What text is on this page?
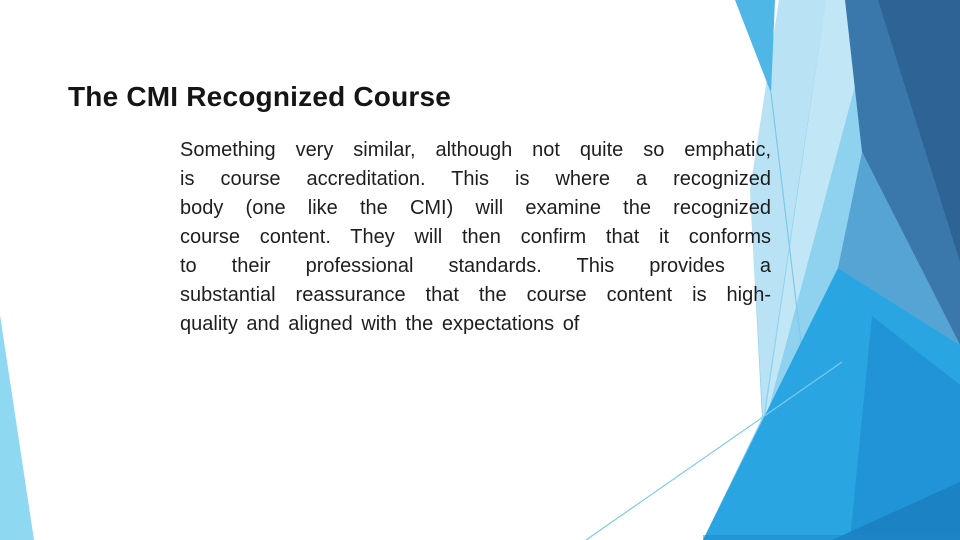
The CMI Recognized Course
Something very similar, although not quite so emphatic,
is course accreditation. This is where a recognized
body (one like the CMI) will examine the recognized
course content. They will then confirm that it conforms
to their professional standards. This provides a
substantial reassurance that the course content is high-
quality and aligned with the expectations of
